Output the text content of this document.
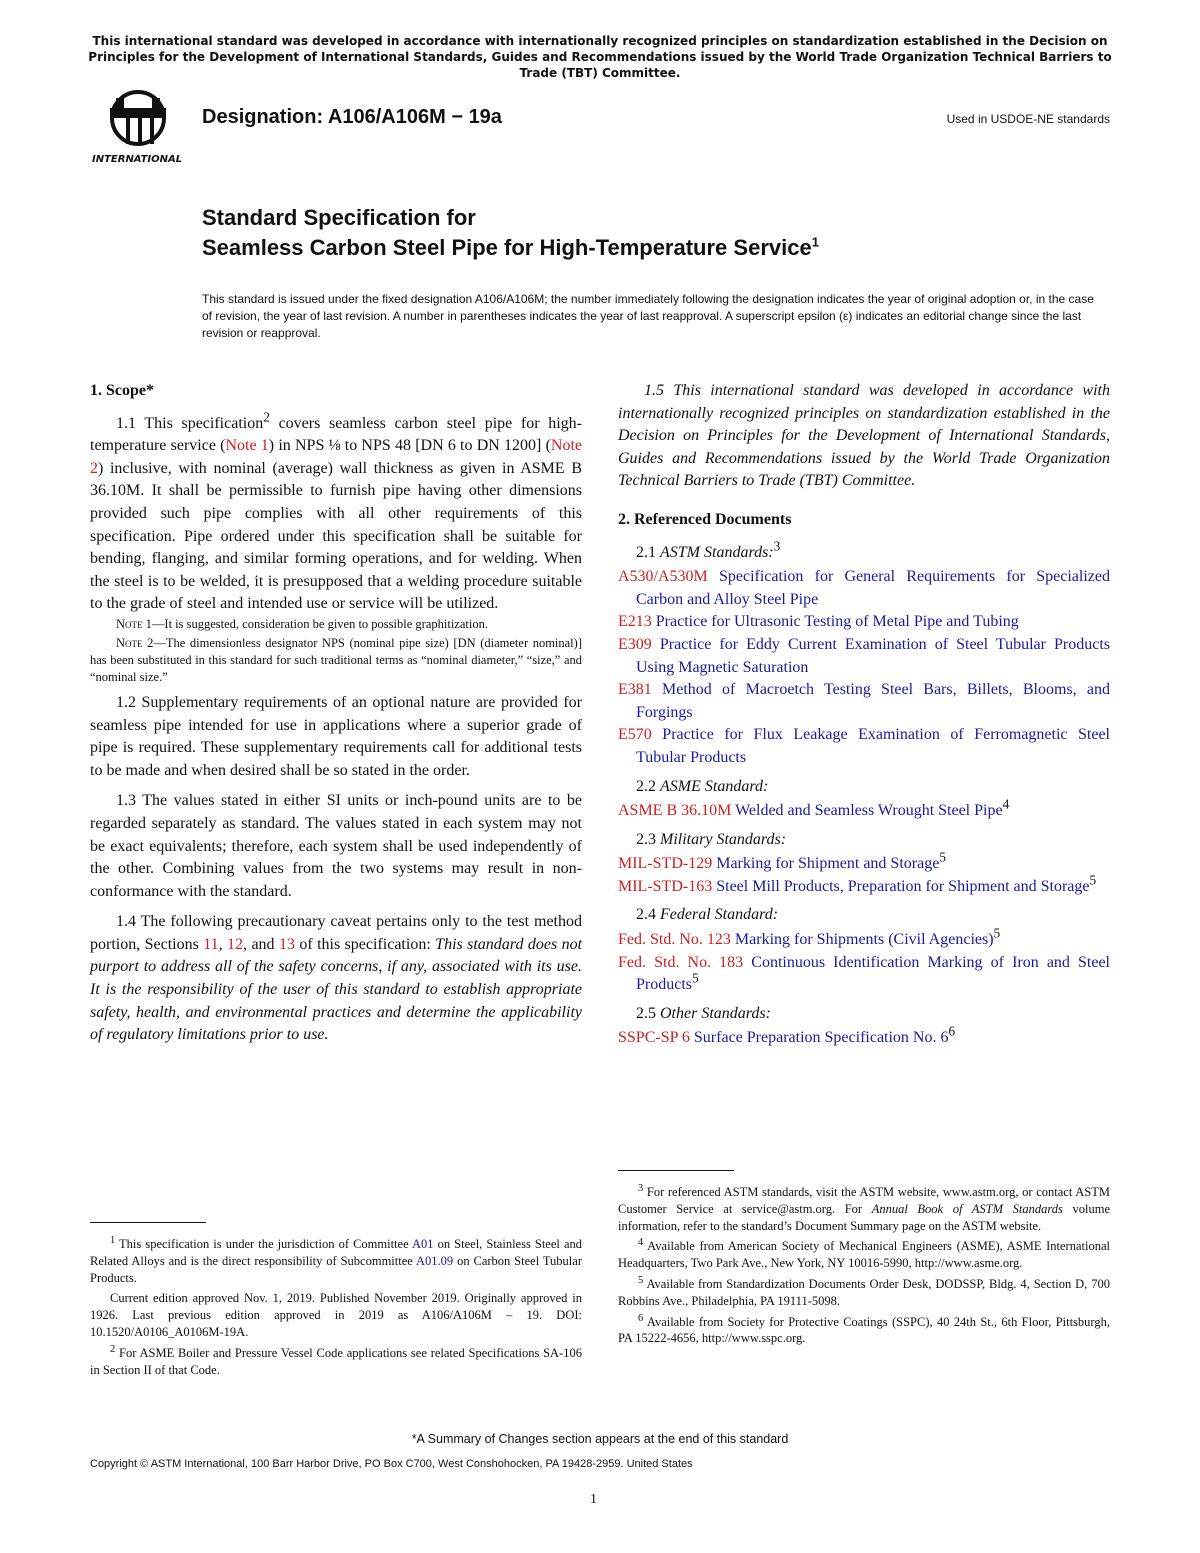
This international standard was developed in accordance with internationally recognized principles on standardization established in the Decision on Principles for the Development of International Standards, Guides and Recommendations issued by the World Trade Organization Technical Barriers to Trade (TBT) Committee.
INTERNATIONAL
Designation: A106/A106M − 19a	Used in USDOE-NE standards
Standard Specification for
Seamless Carbon Steel Pipe for High-Temperature Service$^1$
This standard is issued under the fixed designation A106/A106M; the number immediately following the designation indicates the year of original adoption or, in the case of revision, the year of last revision. A number in parentheses indicates the year of last reapproval. A superscript epsilon (ε) indicates an editorial change since the last revision or reapproval.
1. Scope*

1.1 This specification$^2$ covers seamless carbon steel pipe for high-temperature service (Note 1) in NPS ⅛ to NPS 48 [DN 6 to DN 1200] (Note 2) inclusive, with nominal (average) wall thickness as given in ASME B 36.10M. It shall be permissible to furnish pipe having other dimensions provided such pipe complies with all other requirements of this specification. Pipe ordered under this specification shall be suitable for bending, flanging, and similar forming operations, and for welding. When the steel is to be welded, it is presupposed that a welding procedure suitable to the grade of steel and intended use or service will be utilized.

Note 1—It is suggested, consideration be given to possible graphitization.

Note 2—The dimensionless designator NPS (nominal pipe size) [DN (diameter nominal)] has been substituted in this standard for such traditional terms as “nominal diameter,” “size,” and “nominal size.”

1.2 Supplementary requirements of an optional nature are provided for seamless pipe intended for use in applications where a superior grade of pipe is required. These supplementary requirements call for additional tests to be made and when desired shall be so stated in the order.

1.3 The values stated in either SI units or inch-pound units are to be regarded separately as standard. The values stated in each system may not be exact equivalents; therefore, each system shall be used independently of the other. Combining values from the two systems may result in non-conformance with the standard.

1.4 The following precautionary caveat pertains only to the test method portion, Sections 11, 12, and 13 of this specification: This standard does not purport to address all of the safety concerns, if any, associated with its use. It is the responsibility of the user of this standard to establish appropriate safety, health, and environmental practices and determine the applicability of regulatory limitations prior to use.

$^1$ This specification is under the jurisdiction of Committee A01 on Steel, Stainless Steel and Related Alloys and is the direct responsibility of Subcommittee A01.09 on Carbon Steel Tubular Products.

Current edition approved Nov. 1, 2019. Published November 2019. Originally approved in 1926. Last previous edition approved in 2019 as A106/A106M – 19. DOI: 10.1520/A0106_A0106M-19A.

$^2$ For ASME Boiler and Pressure Vessel Code applications see related Specifications SA-106 in Section II of that Code.

1.5 This international standard was developed in accordance with internationally recognized principles on standardization established in the Decision on Principles for the Development of International Standards, Guides and Recommendations issued by the World Trade Organization Technical Barriers to Trade (TBT) Committee.

2. Referenced Documents

2.1 ASTM Standards:$^3$

A530/A530M Specification for General Requirements for Specialized Carbon and Alloy Steel Pipe

E213 Practice for Ultrasonic Testing of Metal Pipe and Tubing

E309 Practice for Eddy Current Examination of Steel Tubular Products Using Magnetic Saturation

E381 Method of Macroetch Testing Steel Bars, Billets, Blooms, and Forgings

E570 Practice for Flux Leakage Examination of Ferromagnetic Steel Tubular Products

2.2 ASME Standard:

ASME B 36.10M Welded and Seamless Wrought Steel Pipe$^4$

2.3 Military Standards:

MIL-STD-129 Marking for Shipment and Storage$^5$

MIL-STD-163 Steel Mill Products, Preparation for Shipment and Storage$^5$

2.4 Federal Standard:

Fed. Std. No. 123 Marking for Shipments (Civil Agencies)$^5$

Fed. Std. No. 183 Continuous Identification Marking of Iron and Steel Products$^5$

2.5 Other Standards:

SSPC-SP 6 Surface Preparation Specification No. $6^6$

$^3$ For referenced ASTM standards, visit the ASTM website, www.astm.org, or contact ASTM Customer Service at service@astm.org. For Annual Book of ASTM Standards volume information, refer to the standard’s Document Summary page on the ASTM website.

$^4$ Available from American Society of Mechanical Engineers (ASME), ASME International Headquarters, Two Park Ave., New York, NY 10016-5990, http://www.asme.org.

$^5$ Available from Standardization Documents Order Desk, DODSSP, Bldg. 4, Section D, 700 Robbins Ave., Philadelphia, PA 19111-5098.

$^6$ Available from Society for Protective Coatings (SSPC), 40 24th St., 6th Floor, Pittsburgh, PA 15222-4656, http://www.sspc.org.

*A Summary of Changes section appears at the end of this standard
Copyright © ASTM International, 100 Barr Harbor Drive, PO Box C700, West Conshohocken, PA 19428-2959. United States
1
